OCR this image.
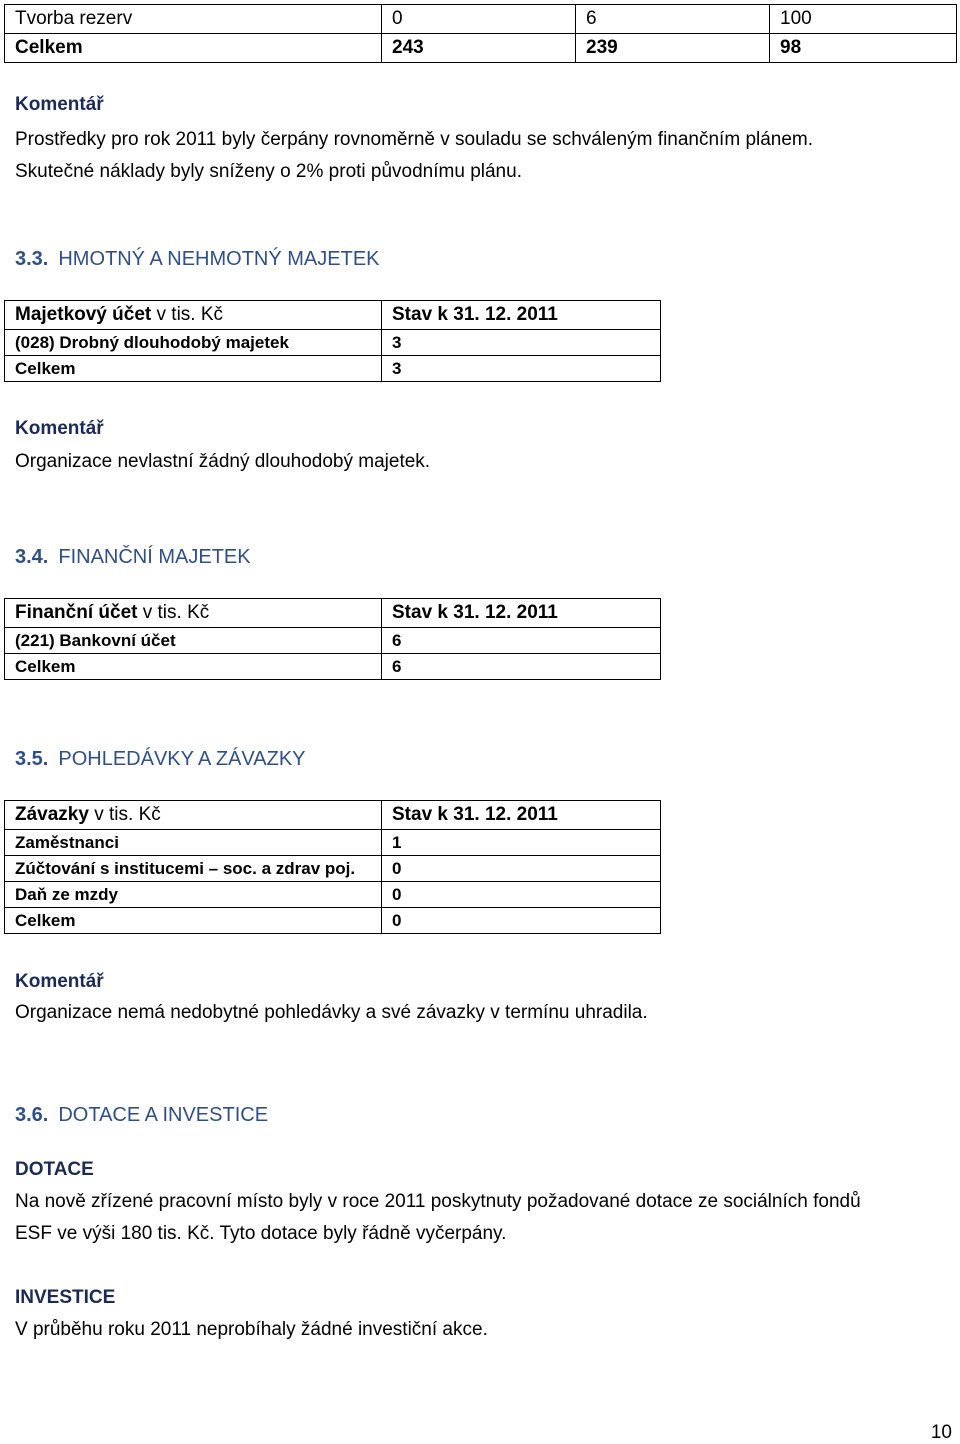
Tvorba rezerv	0	6	100
Celkem	243	239	98
Komentář
Prostředky pro rok 2011 byly čerpány rovnoměrně v souladu se schváleným finančním plánem.
Skutečné náklady byly sníženy o 2% proti původnímu plánu.
3.3. HMOTNÝ A NEHMOTNÝ MAJETEK
Majetkový účet v tis. Kč	Stav k 31. 12. 2011
(028) Drobný dlouhodobý majetek	3
Celkem	3
Komentář
Organizace nevlastní žádný dlouhodobý majetek.
3.4. FINANČNÍ MAJETEK
Finanční účet v tis. Kč	Stav k 31. 12. 2011
(221) Bankovní účet	6
Celkem	6
3.5. POHLEDÁVKY A ZÁVAZKY
Závazky v tis. Kč	Stav k 31. 12. 2011
Zaměstnanci	1
Zúčtování s institucemi – soc. a zdrav poj.	0
Daň ze mzdy	0
Celkem	0
Komentář
Organizace nemá nedobytné pohledávky a své závazky v termínu uhradila.
3.6. DOTACE A INVESTICE
DOTACE
Na nově zřízené pracovní místo byly v roce 2011 poskytnuty požadované dotace ze sociálních fondů
ESF ve výši 180 tis. Kč. Tyto dotace byly řádně vyčerpány.
INVESTICE
V průběhu roku 2011 neprobíhaly žádné investiční akce.
10
